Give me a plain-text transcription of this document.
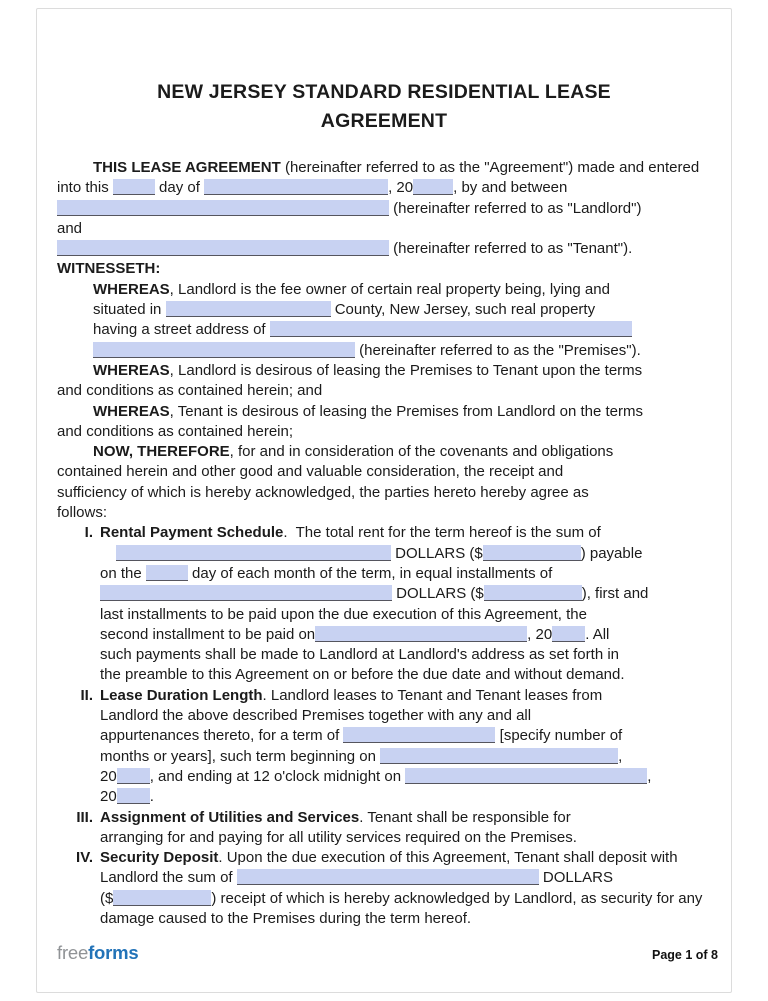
NEW JERSEY STANDARD RESIDENTIAL LEASE
AGREEMENT
THIS LEASE AGREEMENT (hereinafter referred to as the "Agreement") made and entered
into this	day of	, 20	, by and between
(hereinafter referred to as "Landlord")
and
(hereinafter referred to as "Tenant").
WITNESSETH:
WHEREAS, Landlord is the fee owner of certain real property being, lying and
situated in	County, New Jersey, such real property
having a street address of
(hereinafter referred to as the "Premises").
WHEREAS, Landlord is desirous of leasing the Premises to Tenant upon the terms
and conditions as contained herein; and
WHEREAS, Tenant is desirous of leasing the Premises from Landlord on the terms
and conditions as contained herein;
NOW, THEREFORE, for and in consideration of the covenants and obligations
contained herein and other good and valuable consideration, the receipt and
sufficiency of which is hereby acknowledged, the parties hereto hereby agree as
follows:
I. Rental Payment Schedule.  The total rent for the term hereof is the sum of
DOLLARS ($	) payable
on the	day of each month of the term, in equal installments of
DOLLARS ($	), first and
last installments to be paid upon the due execution of this Agreement, the
second installment to be paid on	, 20 . All
such payments shall be made to Landlord at Landlord's address as set forth in
the preamble to this Agreement on or before the due date and without demand.
II. Lease Duration Length. Landlord leases to Tenant and Tenant leases from
Landlord the above described Premises together with any and all
appurtenances thereto, for a term of	[specify number of
months or years], such term beginning on	,
20 , and ending at 12 o'clock midnight on	,
20 .
III. Assignment of Utilities and Services. Tenant shall be responsible for
arranging for and paying for all utility services required on the Premises.
IV. Security Deposit. Upon the due execution of this Agreement, Tenant shall deposit with
Landlord the sum of	DOLLARS
($	) receipt of which is hereby acknowledged by Landlord, as security for any
damage caused to the Premises during the term hereof.
freeforms	Page 1 of 8
